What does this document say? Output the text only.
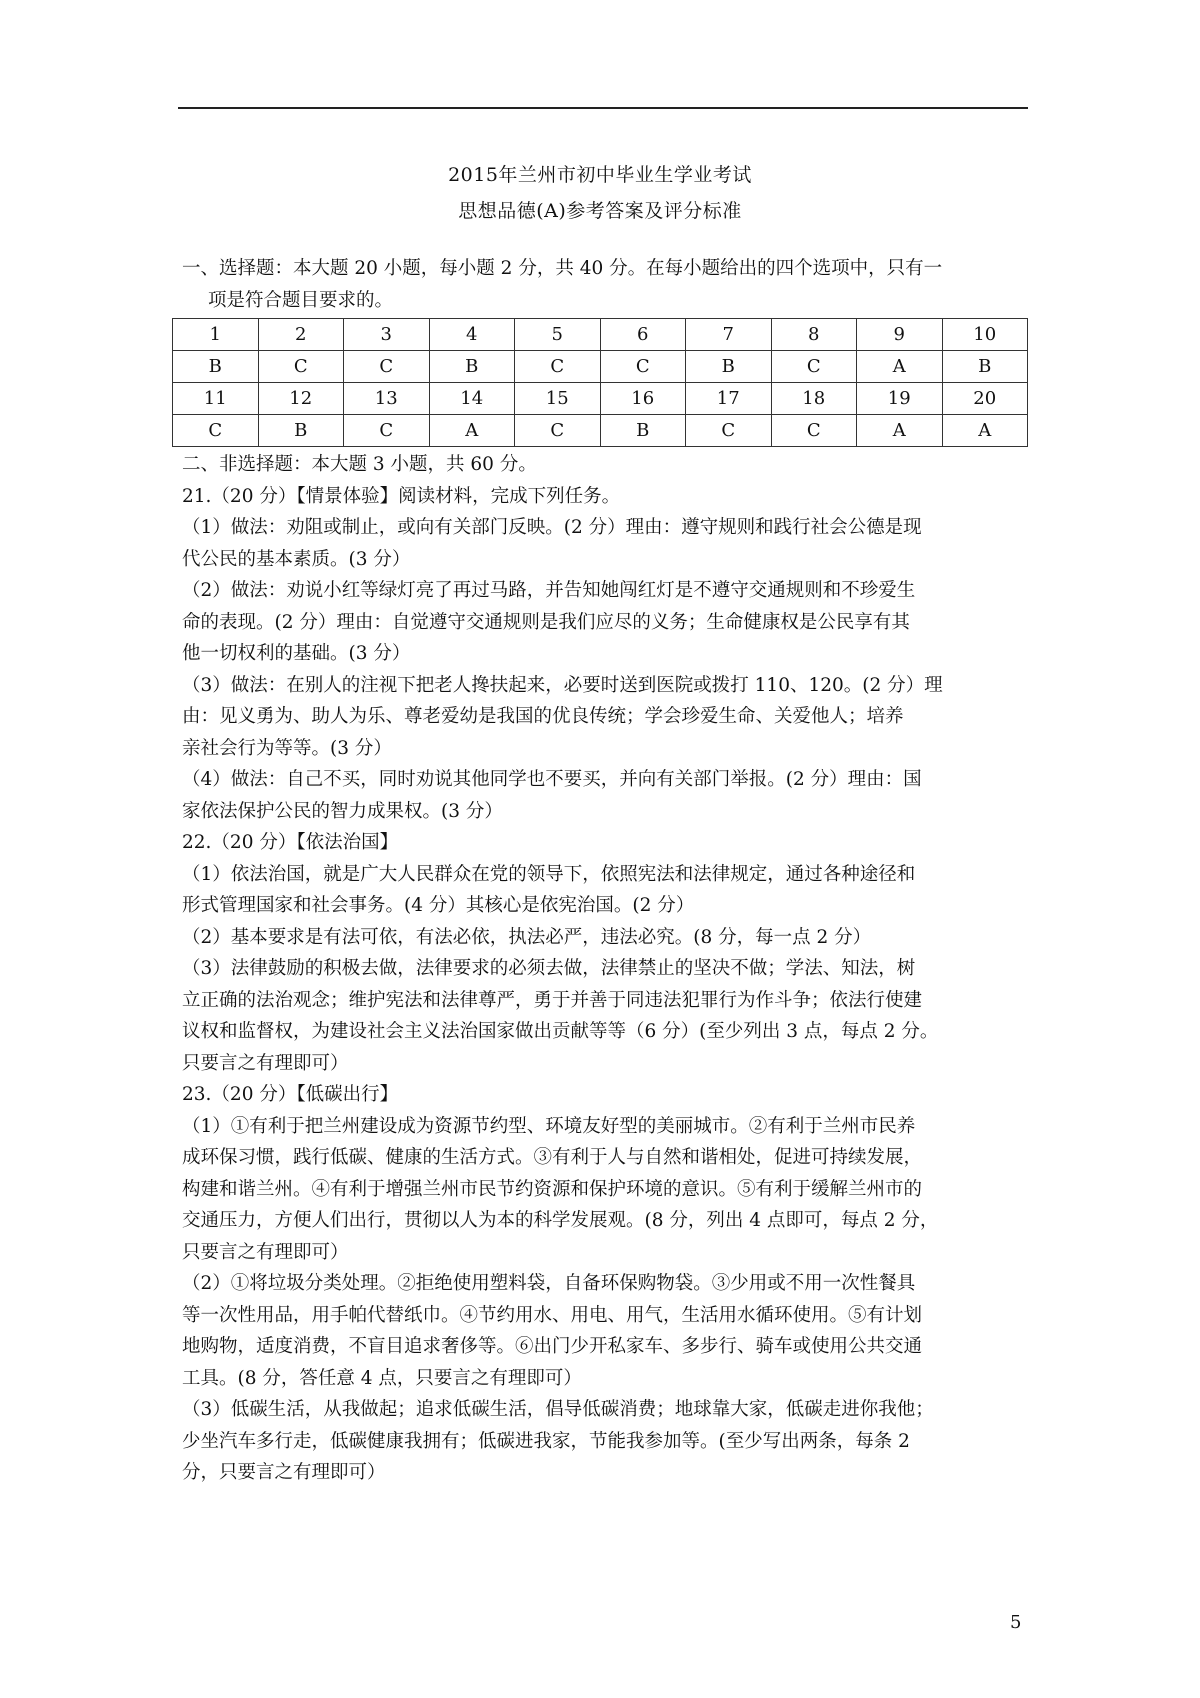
2015年兰州市初中毕业生学业考试
思想品德(A)参考答案及评分标准

一、选择题：本大题 20 小题，每小题 2 分，共 40 分。在每小题给出的四个选项中，只有一

项是符合题目要求的。

1	2	3	4	5	6	7	8	9	10
B	C	C	B	C	C	B	C	A	B
11	12	13	14	15	16	17	18	19	20
C	B	C	A	C	B	C	C	A	A

二、非选择题：本大题 3 小题，共 60 分。

21.（20 分）【情景体验】阅读材料，完成下列任务。

（1）做法：劝阻或制止，或向有关部门反映。(2 分）理由：遵守规则和践行社会公德是现

代公民的基本素质。(3 分）

（2）做法：劝说小红等绿灯亮了再过马路，并告知她闯红灯是不遵守交通规则和不珍爱生

命的表现。(2 分）理由：自觉遵守交通规则是我们应尽的义务；生命健康权是公民享有其

他一切权利的基础。(3 分）

（3）做法：在别人的注视下把老人搀扶起来，必要时送到医院或拨打 110、120。(2 分）理

由：见义勇为、助人为乐、尊老爱幼是我国的优良传统；学会珍爱生命、关爱他人；培养

亲社会行为等等。(3 分）

（4）做法：自己不买，同时劝说其他同学也不要买，并向有关部门举报。(2 分）理由：国

家依法保护公民的智力成果权。(3 分）

22.（20 分）【依法治国】

（1）依法治国，就是广大人民群众在党的领导下，依照宪法和法律规定，通过各种途径和

形式管理国家和社会事务。(4 分）其核心是依宪治国。(2 分）

（2）基本要求是有法可依，有法必依，执法必严，违法必究。(8 分，每一点 2 分）

（3）法律鼓励的积极去做，法律要求的必须去做，法律禁止的坚决不做；学法、知法，树

立正确的法治观念；维护宪法和法律尊严，勇于并善于同违法犯罪行为作斗争；依法行使建

议权和监督权，为建设社会主义法治国家做出贡献等等（6 分）(至少列出 3 点，每点 2 分。

只要言之有理即可）

23.（20 分）【低碳出行】

（1）①有利于把兰州建设成为资源节约型、环境友好型的美丽城市。②有利于兰州市民养

成环保习惯，践行低碳、健康的生活方式。③有利于人与自然和谐相处，促进可持续发展，

构建和谐兰州。④有利于增强兰州市民节约资源和保护环境的意识。⑤有利于缓解兰州市的

交通压力，方便人们出行，贯彻以人为本的科学发展观。(8 分，列出 4 点即可，每点 2 分，

只要言之有理即可）

（2）①将垃圾分类处理。②拒绝使用塑料袋，自备环保购物袋。③少用或不用一次性餐具

等一次性用品，用手帕代替纸巾。④节约用水、用电、用气，生活用水循环使用。⑤有计划

地购物，适度消费，不盲目追求奢侈等。⑥出门少开私家车、多步行、骑车或使用公共交通

工具。(8 分，答任意 4 点，只要言之有理即可）

（3）低碳生活，从我做起；追求低碳生活，倡导低碳消费；地球靠大家，低碳走进你我他；

少坐汽车多行走，低碳健康我拥有；低碳进我家，节能我参加等。(至少写出两条，每条 2

分，只要言之有理即可）

5
